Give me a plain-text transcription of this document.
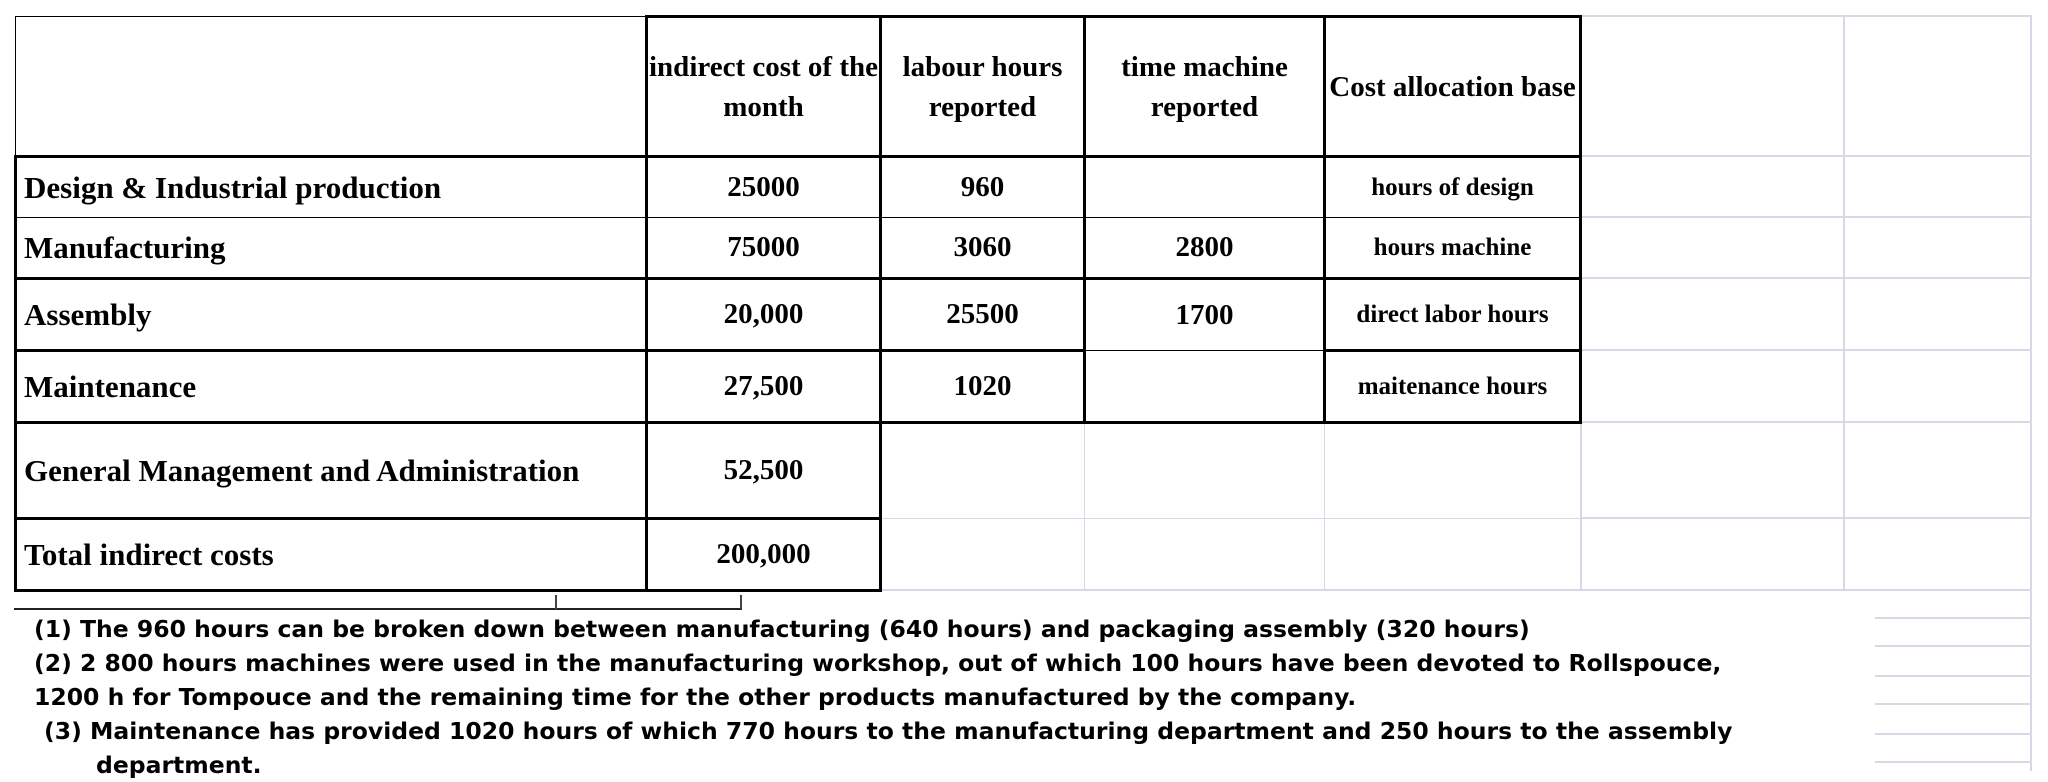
	indirect cost of the month	labour hours reported	time machine reported	Cost allocation base
Design & Industrial production	25000	960		hours of design
Manufacturing	75000	3060	2800	hours machine
Assembly	20,000	25500	1700	direct labor hours
Maintenance	27,500	1020		maitenance hours
General Management and Administration	52,500			
Total indirect costs	200,000			

(1) The 960 hours can be broken down between manufacturing (640 hours) and packaging assembly (320 hours)

(2) 2 800 hours machines were used in the manufacturing workshop, out of which 100 hours have been devoted to Rollspouce,

1200 h for Tompouce and the remaining time for the other products manufactured by the company.

(3) Maintenance has provided 1020 hours of which 770 hours to the manufacturing department and 250 hours to the assembly

department.
